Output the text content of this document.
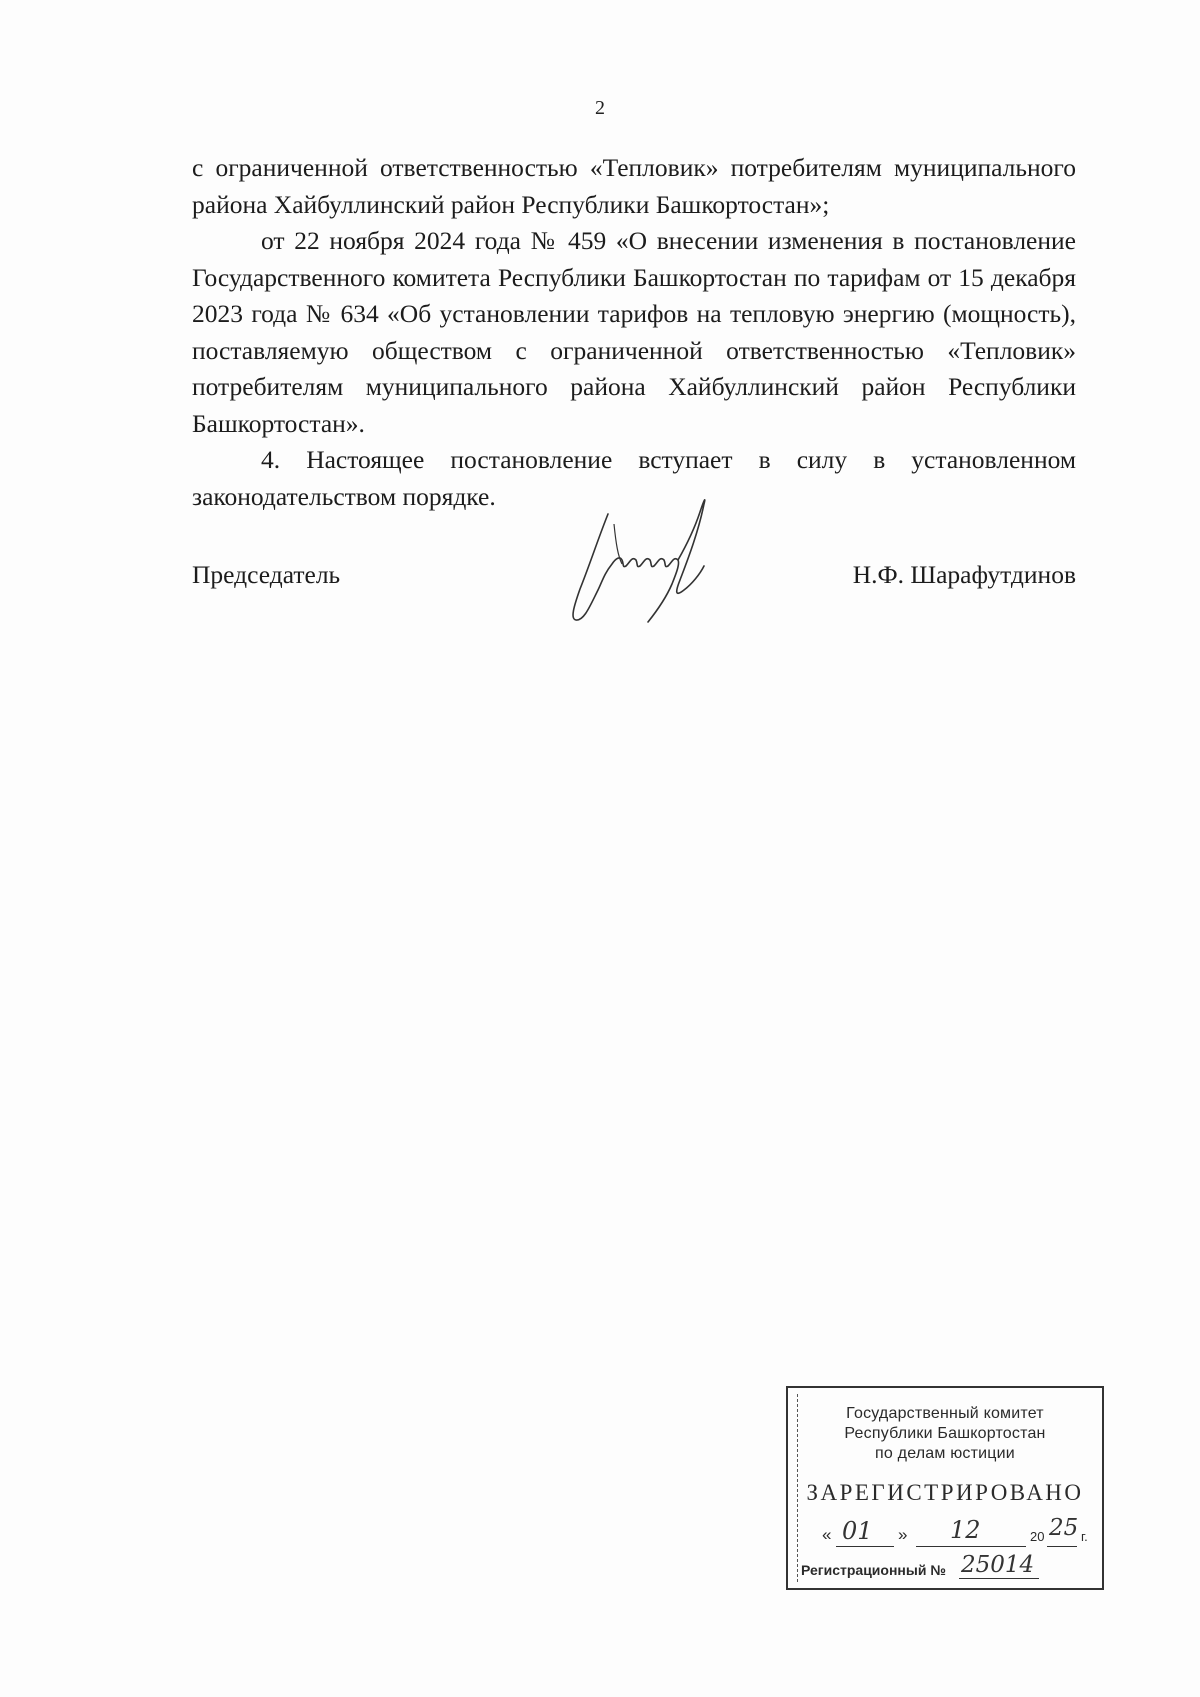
2

с ограниченной ответственностью «Тепловик» потребителям муниципального района Хайбуллинский район Республики Башкортостан»;

от 22 ноября 2024 года № 459 «О внесении изменения в постановление Государственного комитета Республики Башкортостан по тарифам от 15 декабря 2023 года № 634 «Об установлении тарифов на тепловую энергию (мощность), поставляемую обществом с ограниченной ответственностью «Тепловик» потребителям муниципального района Хайбуллинский район Республики Башкортостан».

4. Настоящее постановление вступает в силу в установленном законодательством порядке.

Председатель	Н.Ф. Шарафутдинов
Государственный комитет
Республики Башкортостан
по делам юстиции
ЗАРЕГИСТРИРОВАНО
« 01 » 12	20 25 г.
Регистрационный № 25014
